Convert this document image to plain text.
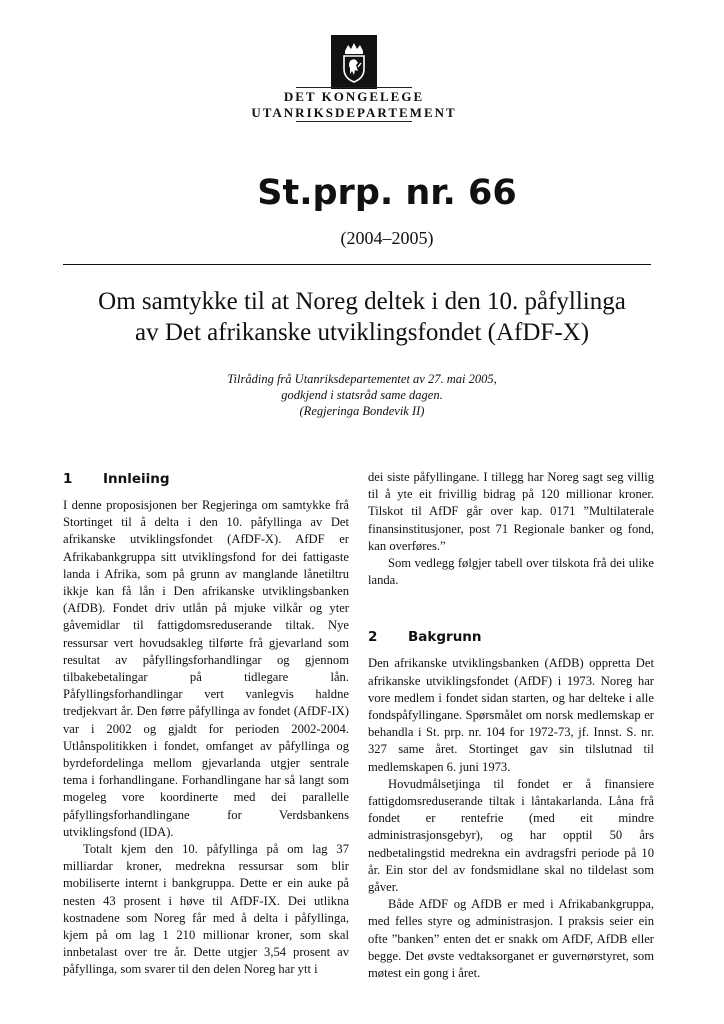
DET KONGELEGE
UTANRIKSDEPARTEMENT
St.prp. nr. 66
(2004–2005)
Om samtykke til at Noreg deltek i den 10. påfyllinga
av Det afrikanske utviklingsfondet (AfDF-X)
Tilråding frå Utanriksdepartementet av 27. mai 2005,
godkjend i statsråd same dagen.
(Regjeringa Bondevik II)
1	Innleiing

I denne proposisjonen ber Regjeringa om samtykke frå Stortinget til å delta i den 10. påfyllinga av Det afrikanske utviklingsfondet (AfDF-X). AfDF er Afrikabankgruppa sitt utviklingsfond for dei fattigaste landa i Afrika, som på grunn av manglande lånetiltru ikkje kan få lån i Den afrikanske utviklingsbanken (AfDB). Fondet driv utlån på mjuke vilkår og yter gåvemidlar til fattigdomsreduserande tiltak. Nye ressursar vert hovudsakleg tilførte frå gjevarland som resultat av påfyllingsforhandlingar og gjennom tilbakebetalingar på tidlegare lån. Påfyllingsforhandlingar vert vanlegvis haldne tredjekvart år. Den førre påfyllinga av fondet (AfDF-IX) var i 2002 og gjaldt for perioden 2002-2004. Utlånspolitikken i fondet, omfanget av påfyllinga og byrdefordelinga mellom gjevarlanda utgjer sentrale tema i forhandlingane. Forhandlingane har så langt som mogeleg vore koordinerte med dei parallelle påfyllingsforhandlingane for Verdsbankens utviklingsfond (IDA).

Totalt kjem den 10. påfyllinga på om lag 37 milliardar kroner, medrekna ressursar som blir mobiliserte internt i bankgruppa. Dette er ein auke på nesten 43 prosent i høve til AfDF-IX. Dei utlikna kostnadene som Noreg får med å delta i påfyllinga, kjem på om lag 1 210 millionar kroner, som skal innbetalast over tre år. Dette utgjer 3,54 prosent av påfyllinga, som svarer til den delen Noreg har ytt i

dei siste påfyllingane. I tillegg har Noreg sagt seg villig til å yte eit frivillig bidrag på 120 millionar kroner. Tilskot til AfDF går over kap. 0171 ”Multilaterale finansinstitusjoner, post 71 Regionale banker og fond, kan overføres.”

Som vedlegg følgjer tabell over tilskota frå dei ulike landa.

2	Bakgrunn

Den afrikanske utviklingsbanken (AfDB) oppretta Det afrikanske utviklingsfondet (AfDF) i 1973. Noreg har vore medlem i fondet sidan starten, og har delteke i alle fondspåfyllingane. Spørsmålet om norsk medlemskap er behandla i St. prp. nr. 104 for 1972-73, jf. Innst. S. nr. 327 same året. Stortinget gav sin tilslutnad til medlemskapen 6. juni 1973.

Hovudmålsetjinga til fondet er å finansiere fattigdomsreduserande tiltak i låntakarlanda. Låna frå fondet er rentefrie (med eit mindre administrasjonsgebyr), og har opptil 50 års nedbetalingstid medrekna ein avdragsfri periode på 10 år. Ein stor del av fondsmidlane skal no tildelast som gåver.

Både AfDF og AfDB er med i Afrikabankgruppa, med felles styre og administrasjon. I praksis seier ein ofte ”banken” enten det er snakk om AfDF, AfDB eller begge. Det øvste vedtaksorganet er guvernørstyret, som møtest ein gong i året.
